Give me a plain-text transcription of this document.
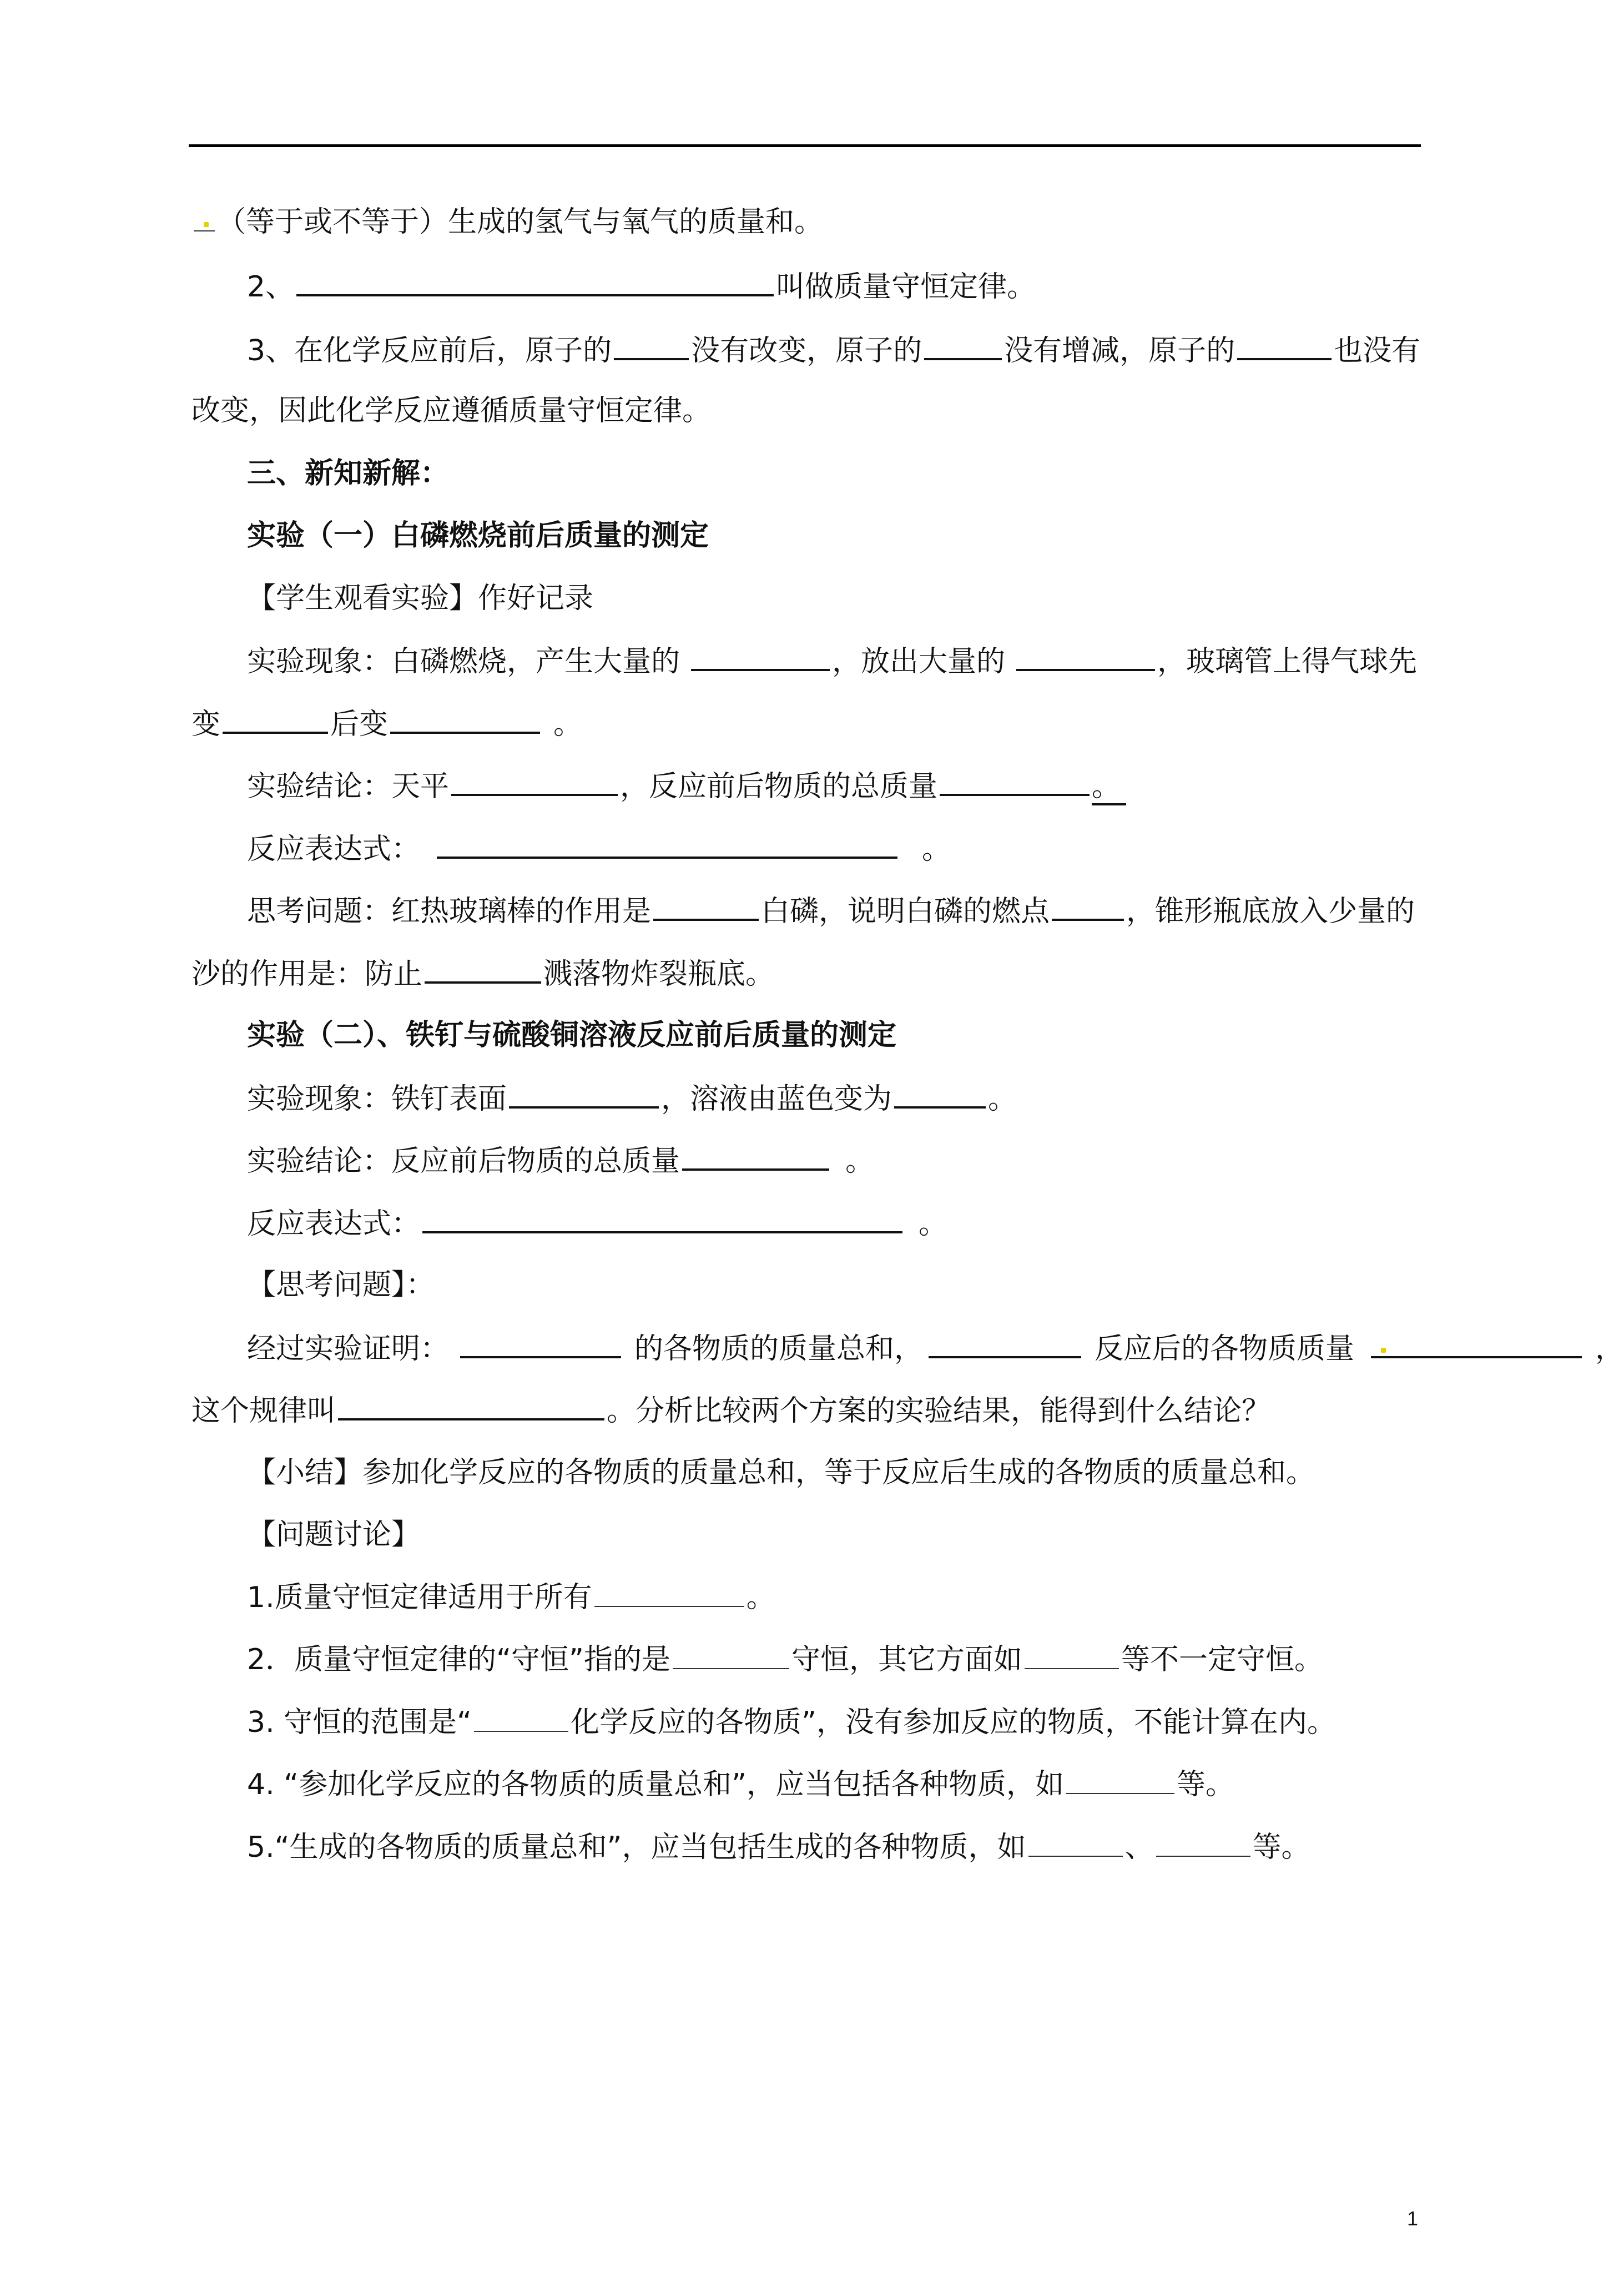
（等于或不等于）生成的氢气与氧气的质量和。
2、	叫做质量守恒定律。
3、在化学反应前后，原子的	没有改变，原子的	没有增减，原子的	也没有
改变，因此化学反应遵循质量守恒定律。
三、新知新解：
实验（一）白磷燃烧前后质量的测定
【学生观看实验】作好记录
实验现象：白磷燃烧，产生大量的	，放出大量的	，玻璃管上得气球先
变	后变	。
实验结论：天平	，反应前后物质的总质量	。
反应表达式：	。
思考问题：红热玻璃棒的作用是	白磷，说明白磷的燃点	，锥形瓶底放入少量的
沙的作用是：防止	溅落物炸裂瓶底。
实验（二）、铁钉与硫酸铜溶液反应前后质量的测定
实验现象：铁钉表面	，溶液由蓝色变为	。
实验结论：反应前后物质的总质量	。
反应表达式：	。
【思考问题】：
经过实验证明：	的各物质的质量总和，	反应后的各物质质量	，
这个规律叫	。分析比较两个方案的实验结果，能得到什么结论？
【小结】参加化学反应的各物质的质量总和，等于反应后生成的各物质的质量总和。
【问题讨论】
1.质量守恒定律适用于所有	。
2．质量守恒定律的“守恒”指的是	守恒，其它方面如	等不一定守恒。
3. 守恒的范围是“	化学反应的各物质”，没有参加反应的物质，不能计算在内。
4. “参加化学反应的各物质的质量总和”，应当包括各种物质，如	等。
5.“生成的各物质的质量总和”，应当包括生成的各种物质，如	、	等。
1
